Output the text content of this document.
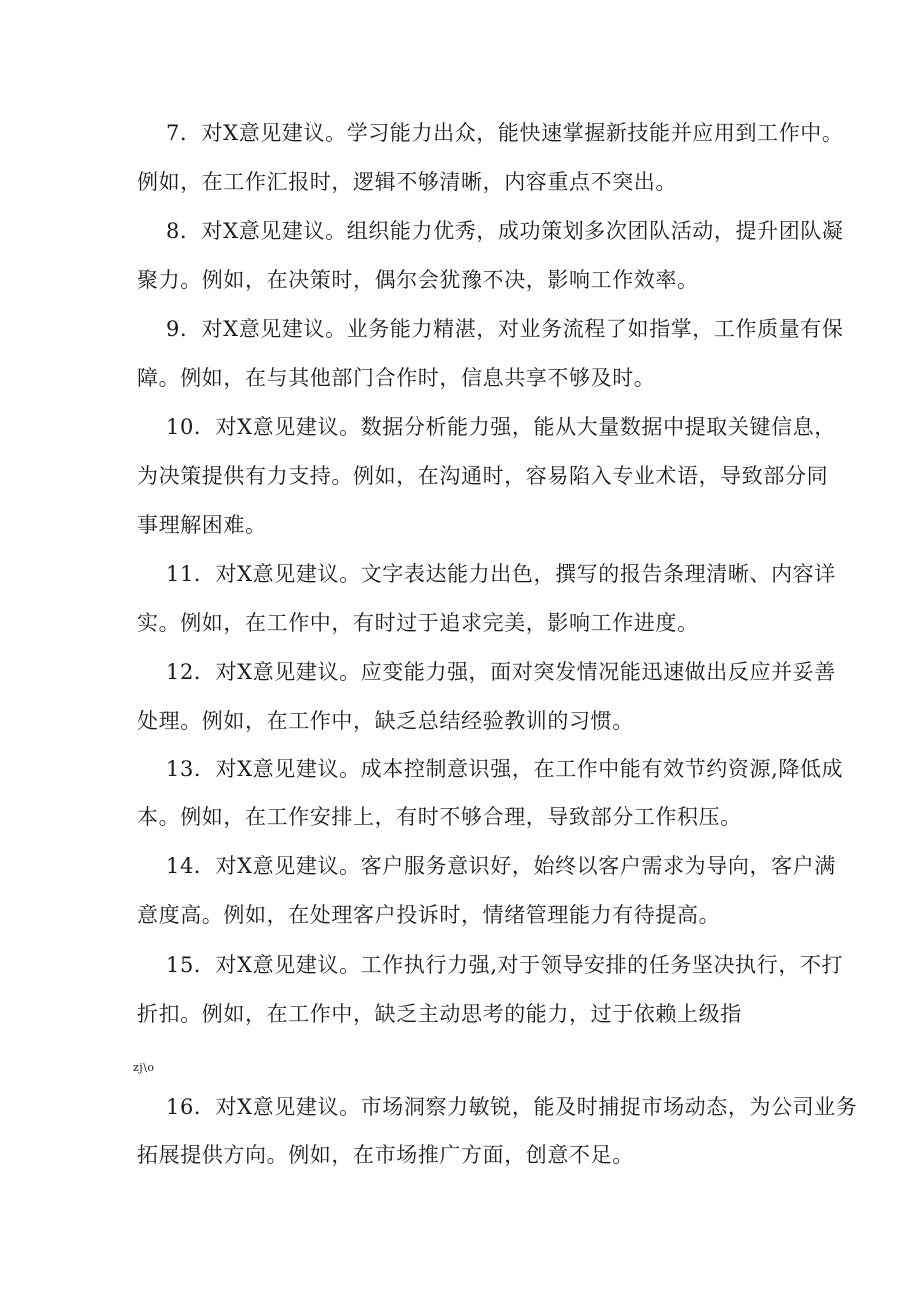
7．对X意见建议。学习能力出众，能快速掌握新技能并应用到工作中。
例如，在工作汇报时，逻辑不够清晰，内容重点不突出。
8．对X意见建议。组织能力优秀，成功策划多次团队活动，提升团队凝
聚力。例如，在决策时，偶尔会犹豫不决，影响工作效率。
9．对X意见建议。业务能力精湛，对业务流程了如指掌，工作质量有保
障。例如，在与其他部门合作时，信息共享不够及时。
10．对X意见建议。数据分析能力强，能从大量数据中提取关键信息，
为决策提供有力支持。例如，在沟通时，容易陷入专业术语，导致部分同
事理解困难。
11．对X意见建议。文字表达能力出色，撰写的报告条理清晰、内容详
实。例如，在工作中，有时过于追求完美，影响工作进度。
12．对X意见建议。应变能力强，面对突发情况能迅速做出反应并妥善
处理。例如，在工作中，缺乏总结经验教训的习惯。
13．对X意见建议。成本控制意识强，在工作中能有效节约资源,降低成
本。例如，在工作安排上，有时不够合理，导致部分工作积压。
14．对X意见建议。客户服务意识好，始终以客户需求为导向，客户满
意度高。例如，在处理客户投诉时，情绪管理能力有待提高。
15．对X意见建议。工作执行力强,对于领导安排的任务坚决执行，不打
折扣。例如，在工作中，缺乏主动思考的能力，过于依赖上级指
zj\o
16．对X意见建议。市场洞察力敏锐，能及时捕捉市场动态，为公司业务
拓展提供方向。例如，在市场推广方面，创意不足。
